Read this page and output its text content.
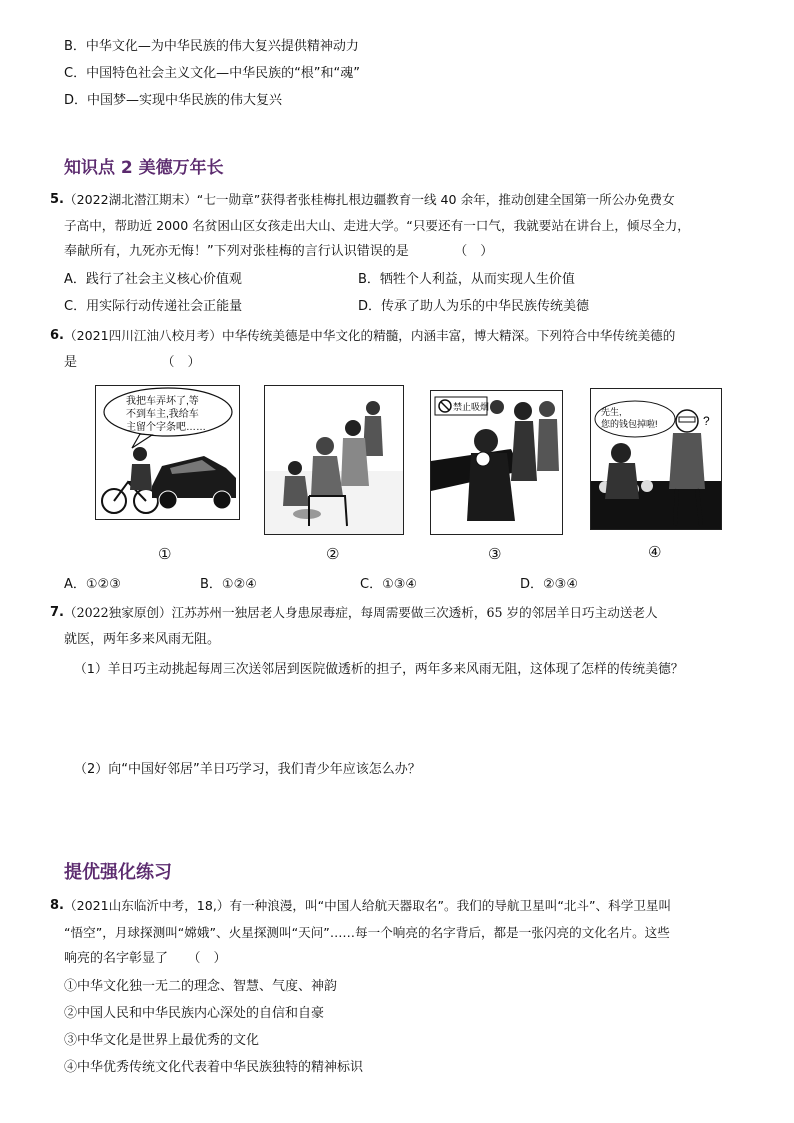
B．中华文化—为中华民族的伟大复兴提供精神动力
C．中国特色社会主义文化—中华民族的“根”和“魂”
D．中国梦—实现中华民族的伟大复兴
知识点 2 美德万年长
5. （2022湖北潜江期末）“七一勋章”获得者张桂梅扎根边疆教育一线 40 余年，推动创建全国第一所公办免费女
子高中，帮助近 2000 名贫困山区女孩走出大山、走进大学。“只要还有一口气，我就要站在讲台上，倾尽全力，
奉献所有，九死亦无悔！”下列对张桂梅的言行认识错误的是　　　　（　）
A．践行了社会主义核心价值观	B．牺牲个人利益，从而实现人生价值
C．用实际行动传递社会正能量	D．传承了助人为乐的中华民族传统美德
6. （2021四川江油八校月考）中华传统美德是中华文化的精髓，内涵丰富，博大精深。下列符合中华传统美德的
是　　　　　　　（　）
我把车弄坏了,等
不到车主,我给车
主留个字条吧……
①	②
禁止吸烟
③
先生,
您的钱包掉啦!	?
④
A．①②③	B．①②④	C．①③④	D．②③④
7. （2022独家原创）江苏苏州一独居老人身患尿毒症，每周需要做三次透析，65 岁的邻居羊日巧主动送老人
就医，两年多来风雨无阻。
（1）羊日巧主动挑起每周三次送邻居到医院做透析的担子，两年多来风雨无阻，这体现了怎样的传统美德？
（2）向“中国好邻居”羊日巧学习，我们青少年应该怎么办？
提优强化练习
8. （2021山东临沂中考，18,）有一种浪漫，叫“中国人给航天器取名”。我们的导航卫星叫“北斗”、科学卫星叫
“悟空”，月球探测叫“嫦娥”、火星探测叫“天问”……每一个响亮的名字背后，都是一张闪亮的文化名片。这些
响亮的名字彰显了　　（　）
①中华文化独一无二的理念、智慧、气度、神韵
②中国人民和中华民族内心深处的自信和自豪
③中华文化是世界上最优秀的文化
④中华优秀传统文化代表着中华民族独特的精神标识
